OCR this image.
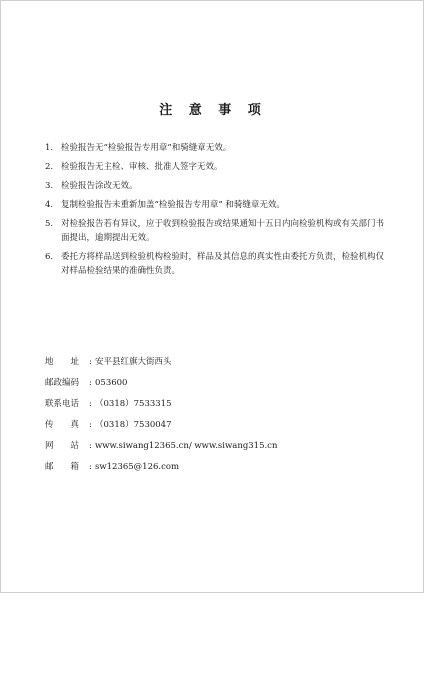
注 意 事 项
1. 检验报告无“检验报告专用章”和骑缝章无效。
2. 检验报告无主检、审核、批准人签字无效。
3. 检验报告涂改无效。
4. 复制检验报告未重新加盖“检验报告专用章” 和骑缝章无效。
5. 对检验报告若有异议，应于收到检验报告或结果通知十五日内向检验机构或有关部门书面提出，逾期提出无效。
6. 委托方将样品送到检验机构检验时，样品及其信息的真实性由委托方负责，检验机构仅对样品检验结果的准确性负责。
地　　址 : 安平县红旗大街西头
邮政编码 : 053600
联系电话 : （0318）7533315
传　　真 : （0318）7530047
网　　站 : www.siwang12365.cn/ www.siwang315.cn
邮　　箱 : sw12365@126.com
